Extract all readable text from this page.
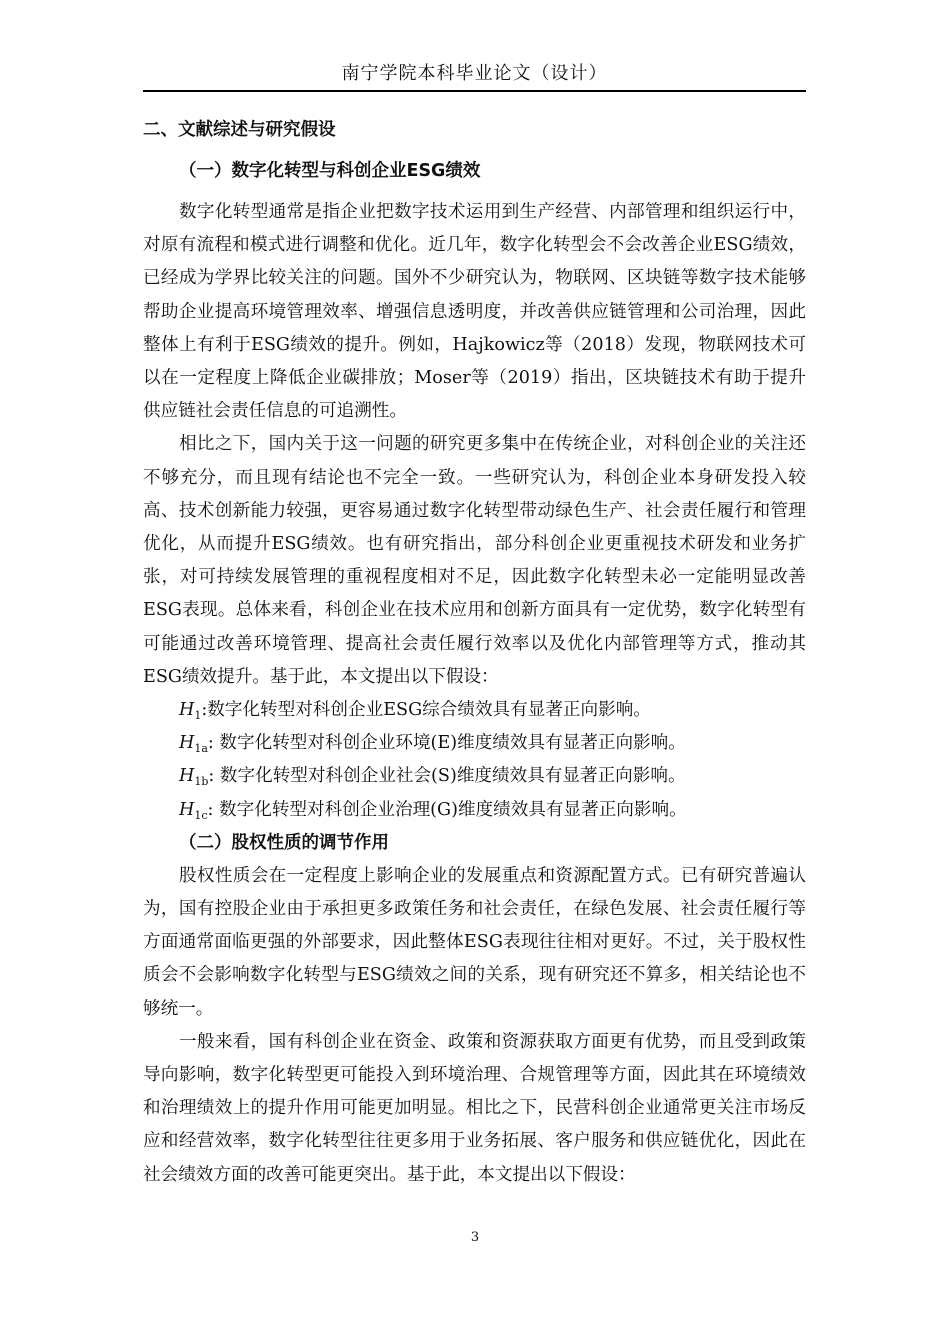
南宁学院本科毕业论文（设计）
二、文献综述与研究假设
（一）数字化转型与科创企业ESG绩效

数字化转型通常是指企业把数字技术运用到生产经营、内部管理和组织运行中，对原有流程和模式进行调整和优化。近几年，数字化转型会不会改善企业ESG绩效，已经成为学界比较关注的问题。国外不少研究认为，物联网、区块链等数字技术能够帮助企业提高环境管理效率、增强信息透明度，并改善供应链管理和公司治理，因此整体上有利于ESG绩效的提升。例如，Hajkowicz等（2018）发现，物联网技术可以在一定程度上降低企业碳排放；Moser等（2019）指出，区块链技术有助于提升供应链社会责任信息的可追溯性。

相比之下，国内关于这一问题的研究更多集中在传统企业，对科创企业的关注还不够充分，而且现有结论也不完全一致。一些研究认为，科创企业本身研发投入较高、技术创新能力较强，更容易通过数字化转型带动绿色生产、社会责任履行和管理优化，从而提升ESG绩效。也有研究指出，部分科创企业更重视技术研发和业务扩张，对可持续发展管理的重视程度相对不足，因此数字化转型未必一定能明显改善ESG表现。总体来看，科创企业在技术应用和创新方面具有一定优势，数字化转型有可能通过改善环境管理、提高社会责任履行效率以及优化内部管理等方式，推动其ESG绩效提升。基于此，本文提出以下假设：

$H_1$:数字化转型对科创企业ESG综合绩效具有显著正向影响。
$H_{1a}$: 数字化转型对科创企业环境(E)维度绩效具有显著正向影响。
$H_{1b}$: 数字化转型对科创企业社会(S)维度绩效具有显著正向影响。
$H_{1c}$: 数字化转型对科创企业治理(G)维度绩效具有显著正向影响。
（二）股权性质的调节作用

股权性质会在一定程度上影响企业的发展重点和资源配置方式。已有研究普遍认为，国有控股企业由于承担更多政策任务和社会责任，在绿色发展、社会责任履行等方面通常面临更强的外部要求，因此整体ESG表现往往相对更好。不过，关于股权性质会不会影响数字化转型与ESG绩效之间的关系，现有研究还不算多，相关结论也不够统一。

一般来看，国有科创企业在资金、政策和资源获取方面更有优势，而且受到政策导向影响，数字化转型更可能投入到环境治理、合规管理等方面，因此其在环境绩效和治理绩效上的提升作用可能更加明显。相比之下，民营科创企业通常更关注市场反应和经营效率，数字化转型往往更多用于业务拓展、客户服务和供应链优化，因此在社会绩效方面的改善可能更突出。基于此，本文提出以下假设：

3
